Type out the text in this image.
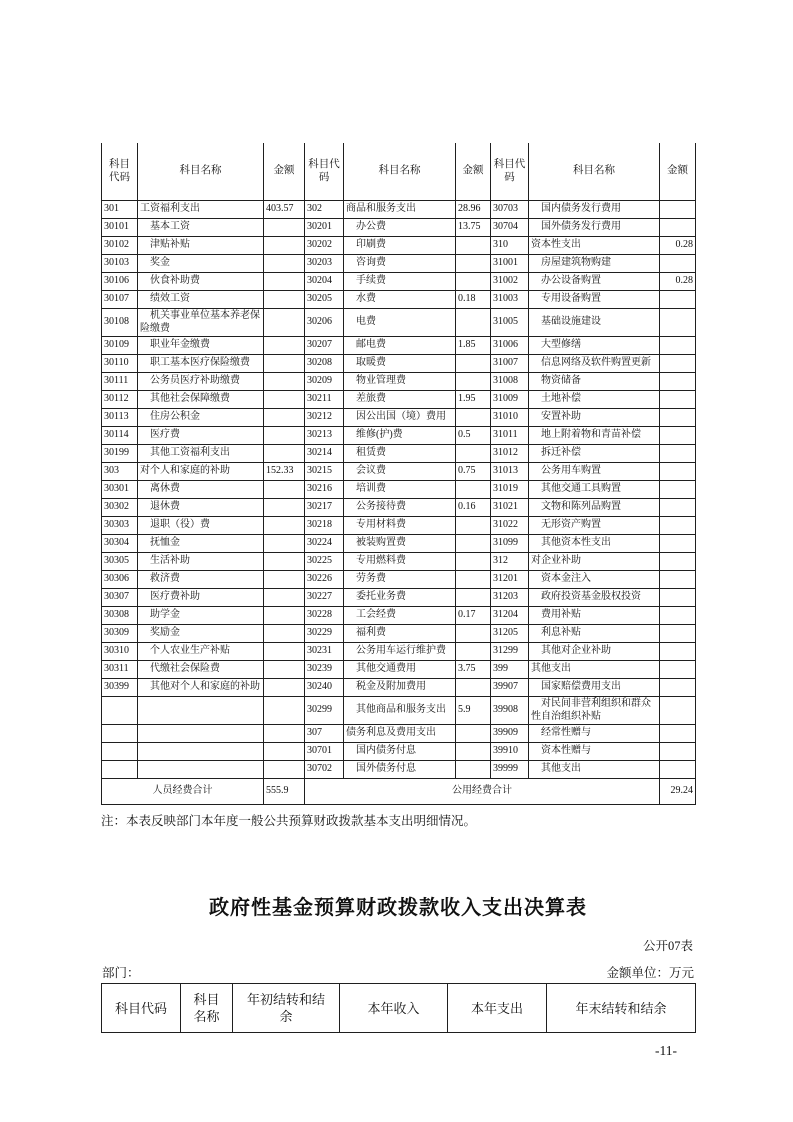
科目代码	科目名称	金额	科目代码	科目名称	金额	科目代码	科目名称	金额
301	工资福利支出	403.57	302	商品和服务支出	28.96	30703	国内债务发行费用	
30101	基本工资		30201	办公费	13.75	30704	国外债务发行费用	
30102	津贴补贴		30202	印刷费		310	资本性支出	0.28
30103	奖金		30203	咨询费		31001	房屋建筑物购建	
30106	伙食补助费		30204	手续费		31002	办公设备购置	0.28
30107	绩效工资		30205	水费	0.18	31003	专用设备购置	
30108	机关事业单位基本养老保险缴费		30206	电费		31005	基础设施建设	
30109	职业年金缴费		30207	邮电费	1.85	31006	大型修缮	
30110	职工基本医疗保险缴费		30208	取暖费		31007	信息网络及软件购置更新	
30111	公务员医疗补助缴费		30209	物业管理费		31008	物资储备	
30112	其他社会保障缴费		30211	差旅费	1.95	31009	土地补偿	
30113	住房公积金		30212	因公出国（境）费用		31010	安置补助	
30114	医疗费		30213	维修(护)费	0.5	31011	地上附着物和青苗补偿	
30199	其他工资福利支出		30214	租赁费		31012	拆迁补偿	
303	对个人和家庭的补助	152.33	30215	会议费	0.75	31013	公务用车购置	
30301	离休费		30216	培训费		31019	其他交通工具购置	
30302	退休费		30217	公务接待费	0.16	31021	文物和陈列品购置	
30303	退职（役）费		30218	专用材料费		31022	无形资产购置	
30304	抚恤金		30224	被装购置费		31099	其他资本性支出	
30305	生活补助		30225	专用燃料费		312	对企业补助	
30306	救济费		30226	劳务费		31201	资本金注入	
30307	医疗费补助		30227	委托业务费		31203	政府投资基金股权投资	
30308	助学金		30228	工会经费	0.17	31204	费用补贴	
30309	奖励金		30229	福利费		31205	利息补贴	
30310	个人农业生产补贴		30231	公务用车运行维护费		31299	其他对企业补助	
30311	代缴社会保险费		30239	其他交通费用	3.75	399	其他支出	
30399	其他对个人和家庭的补助		30240	税金及附加费用		39907	国家赔偿费用支出	
			30299	其他商品和服务支出	5.9	39908	对民间非营利组织和群众性自治组织补贴	
			307	债务利息及费用支出		39909	经常性赠与	
			30701	国内债务付息		39910	资本性赠与	
			30702	国外债务付息		39999	其他支出	
人员经费合计		555.9	公用经费合计					29.24
注：本表反映部门本年度一般公共预算财政拨款基本支出明细情况。
政府性基金预算财政拨款收入支出决算表
公开07表
部门：	金额单位：万元
科目代码	科目名称	年初结转和结余	本年收入	本年支出	年末结转和结余
-11-
